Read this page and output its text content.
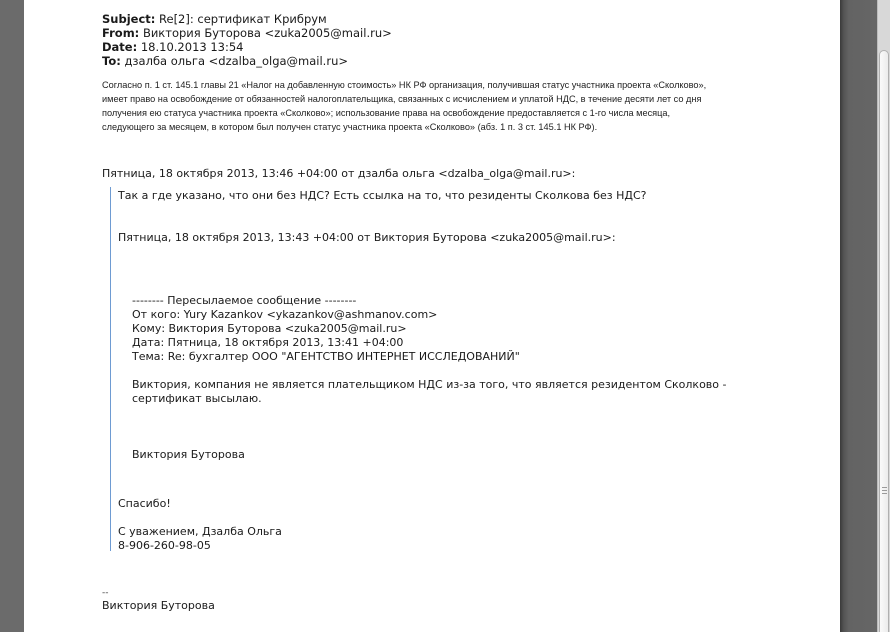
Subject: Re[2]: сертификат Крибрум
From: Виктория Буторова <zuka2005@mail.ru>
Date: 18.10.2013 13:54
To: дзалба ольга <dzalba_olga@mail.ru>
Согласно п. 1 ст. 145.1 главы 21 «Налог на добавленную стоимость» НК РФ организация, получившая статус участника проекта «Сколково»,
имеет право на освобождение от обязанностей налогоплательщика, связанных с исчислением и уплатой НДС, в течение десяти лет со дня
получения ею статуса участника проекта «Сколково»; использование права на освобождение предоставляется с 1-го числа месяца,
следующего за месяцем, в котором был получен статус участника проекта «Сколково» (абз. 1 п. 3 ст. 145.1 НК РФ).
Пятница, 18 октября 2013, 13:46 +04:00 от дзалба ольга <dzalba_olga@mail.ru>:
Так а где указано, что они без НДС? Есть ссылка на то, что резиденты Сколкова без НДС?
Пятница, 18 октября 2013, 13:43 +04:00 от Виктория Буторова <zuka2005@mail.ru>:
-------- Пересылаемое сообщение --------
От кого: Yury Kazankov <ykazankov@ashmanov.com>
Кому: Виктория Буторова <zuka2005@mail.ru>
Дата: Пятница, 18 октября 2013, 13:41 +04:00
Тема: Re: бухгалтер ООО "АГЕНТСТВО ИНТЕРНЕТ ИССЛЕДОВАНИЙ"
Виктория, компания не является плательщиком НДС из-за того, что является резидентом Сколково -
сертификат высылаю.
Виктория Буторова
Спасибо!
С уважением, Дзалба Ольга
8-906-260-98-05
--
Виктория Буторова
